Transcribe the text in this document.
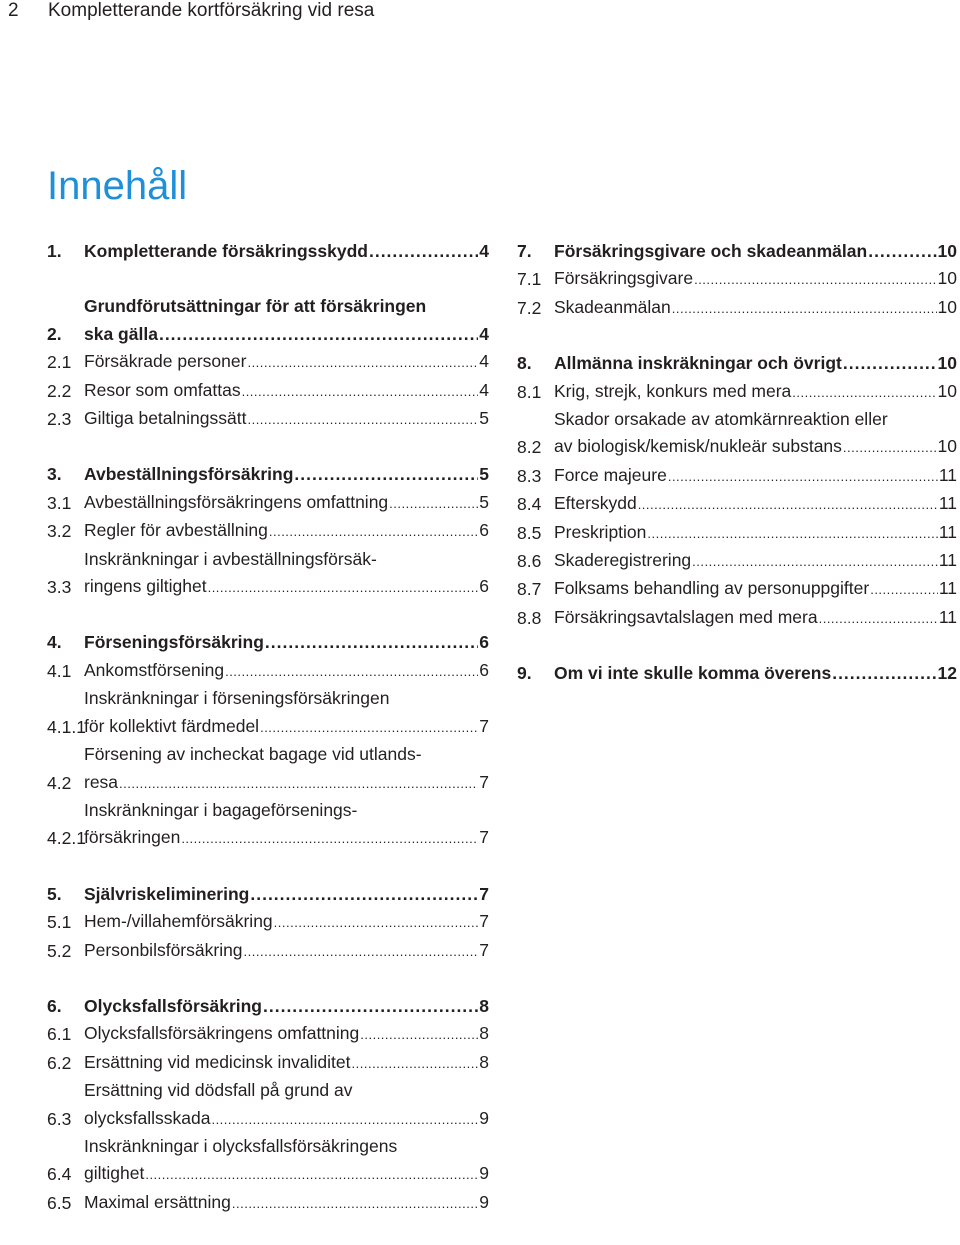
2 Kompletterande kortförsäkring vid resa
Innehåll
1.	Kompletterande försäkringsskydd .....	4
2.
Grundförutsättningar för att försäkringen
ska gälla .....	4
2.1 Försäkrade personer .....	4
2.2 Resor som omfattas .....	4
2.3 Giltiga betalningssätt .....	5
3.	Avbeställningsförsäkring .....	5
3.1 Avbeställningsförsäkringens omfattning .....	5
3.2 Regler för avbeställning .....	6
3.3
Inskränkningar i avbeställningsförsäk-
ringens giltighet .....	6
4.	Förseningsförsäkring .....	6
4.1 Ankomstförsening .....	6
4.1.1
Inskränkningar i förseningsförsäkringen
för kollektivt färdmedel .....	7
4.2
Försening av incheckat bagage vid utlands-
resa .....	7
4.2.1
Inskränkningar i bagageförsenings-
försäkringen .....	7
5.	Självriskeliminering .....	7
5.1 Hem-/villahemförsäkring .....	7
5.2 Personbilsförsäkring .....	7
6.	Olycksfallsförsäkring .....	8
6.1 Olycksfallsförsäkringens omfattning .....	8
6.2 Ersättning vid medicinsk invaliditet .....	8
6.3
Ersättning vid dödsfall på grund av
olycksfallsskada .....	9
6.4
Inskränkningar i olycksfallsförsäkringens
giltighet .....	9
6.5 Maximal ersättning .....	9
7.	Försäkringsgivare och skadeanmälan .....	10
7.1 Försäkringsgivare .....	10
7.2 Skadeanmälan .....	10
8.	Allmänna inskräkningar och övrigt .....	10
8.1 Krig, strejk, konkurs med mera .....	10
8.2
Skador orsakade av atomkärnreaktion eller
av biologisk/kemisk/nukleär substans .....	10
8.3 Force majeure .....	11
8.4 Efterskydd .....	11
8.5 Preskription .....	11
8.6 Skaderegistrering .....	11
8.7 Folksams behandling av personuppgifter .....	11
8.8 Försäkringsavtalslagen med mera .....	11
9.	Om vi inte skulle komma överens .....	12
